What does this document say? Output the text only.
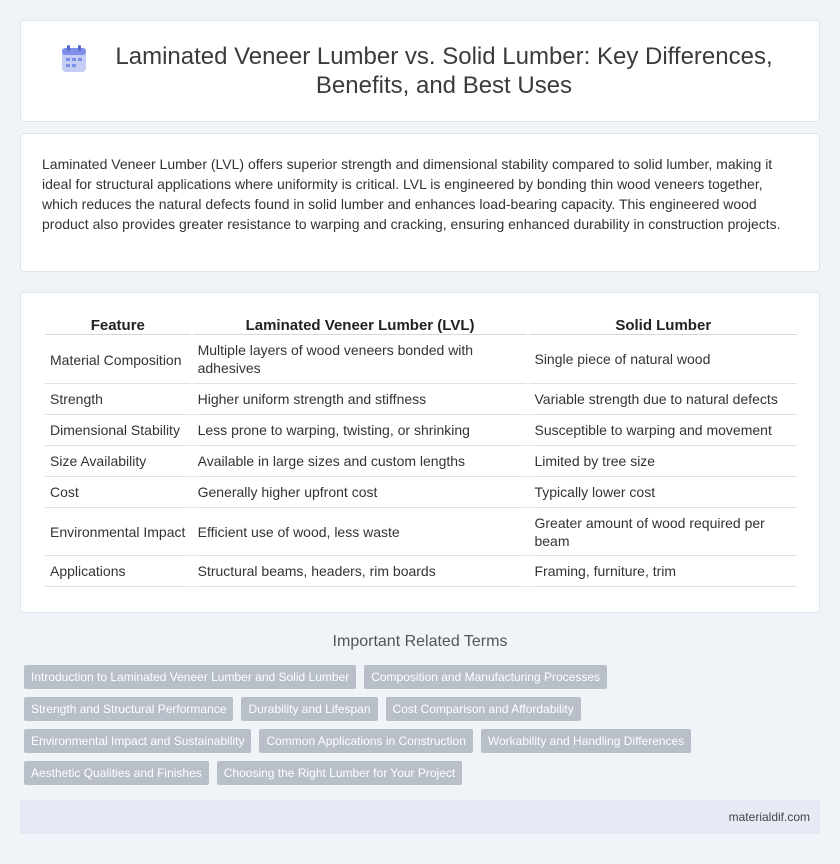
Laminated Veneer Lumber vs. Solid Lumber: Key Differences, Benefits, and Best Uses

Laminated Veneer Lumber (LVL) offers superior strength and dimensional stability compared to solid lumber, making it ideal for structural applications where uniformity is critical. LVL is engineered by bonding thin wood veneers together, which reduces the natural defects found in solid lumber and enhances load-bearing capacity. This engineered wood product also provides greater resistance to warping and cracking, ensuring enhanced durability in construction projects.

Feature	Laminated Veneer Lumber (LVL)	Solid Lumber
Material Composition	Multiple layers of wood veneers bonded with adhesives	Single piece of natural wood
Strength	Higher uniform strength and stiffness	Variable strength due to natural defects
Dimensional Stability	Less prone to warping, twisting, or shrinking	Susceptible to warping and movement
Size Availability	Available in large sizes and custom lengths	Limited by tree size
Cost	Generally higher upfront cost	Typically lower cost
Environmental Impact	Efficient use of wood, less waste	Greater amount of wood required per beam
Applications	Structural beams, headers, rim boards	Framing, furniture, trim
Important Related Terms
Introduction to Laminated Veneer Lumber and Solid Lumber	Composition and Manufacturing Processes
Strength and Structural Performance	Durability and Lifespan	Cost Comparison and Affordability
Environmental Impact and Sustainability	Common Applications in Construction	Workability and Handling Differences
Aesthetic Qualities and Finishes	Choosing the Right Lumber for Your Project
materialdif.com
